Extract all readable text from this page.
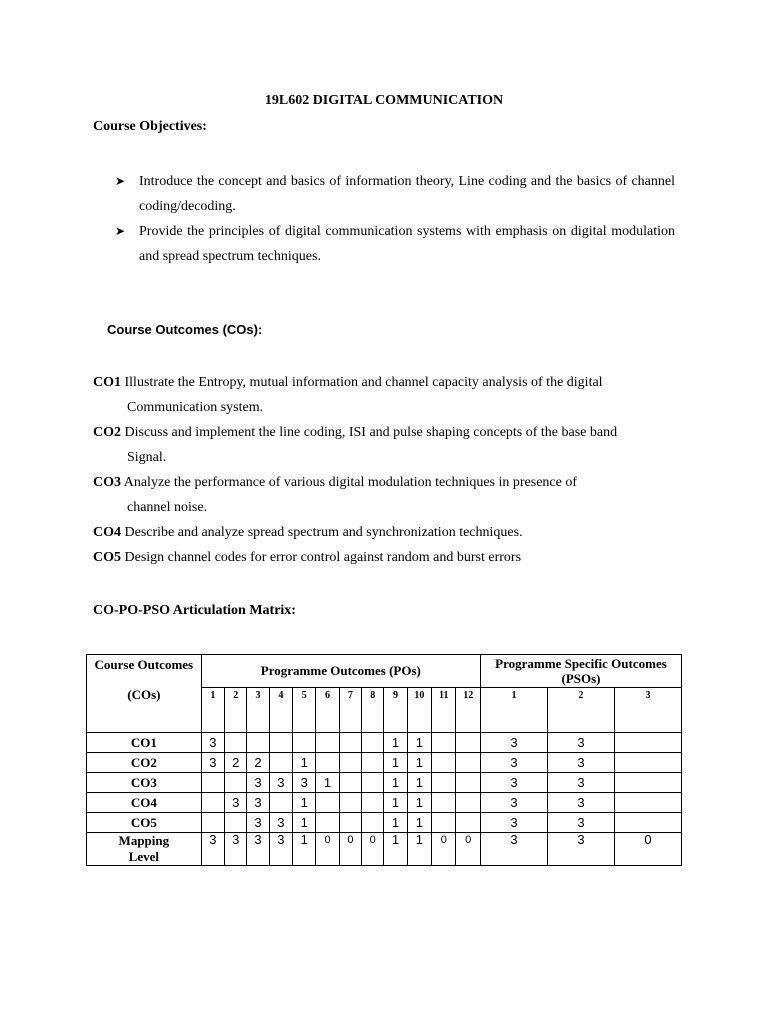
19L602 DIGITAL COMMUNICATION
Course Objectives:
➤ Introduce the concept and basics of information theory, Line coding and the basics of channel coding/decoding.
➤ Provide the principles of digital communication systems with emphasis on digital modulation and spread spectrum techniques.
Course Outcomes (COs):
CO1 Illustrate the Entropy, mutual information and channel capacity analysis of the digital
Communication system.
CO2 Discuss and implement the line coding, ISI and pulse shaping concepts of the base band
Signal.
CO3 Analyze the performance of various digital modulation techniques in presence of
channel noise.
CO4 Describe and analyze spread spectrum and synchronization techniques.
CO5 Design channel codes for error control against random and burst errors
CO-PO-PSO Articulation Matrix:
Course Outcomes
(COs)	Programme Outcomes (POs)												Programme Specific Outcomes (PSOs)		
	1	2	3	4	5	6	7	8	9	10	11	12	1	2	3
CO1	3								1	1			3	3	
CO2	3	2	2		1				1	1			3	3	
CO3			3	3	3	1			1	1			3	3	
CO4		3	3		1				1	1			3	3	
CO5			3	3	1				1	1			3	3	

Mapping
Level	3	3	3	3	1	0	0	0	1	1	0	0	3	3	0
